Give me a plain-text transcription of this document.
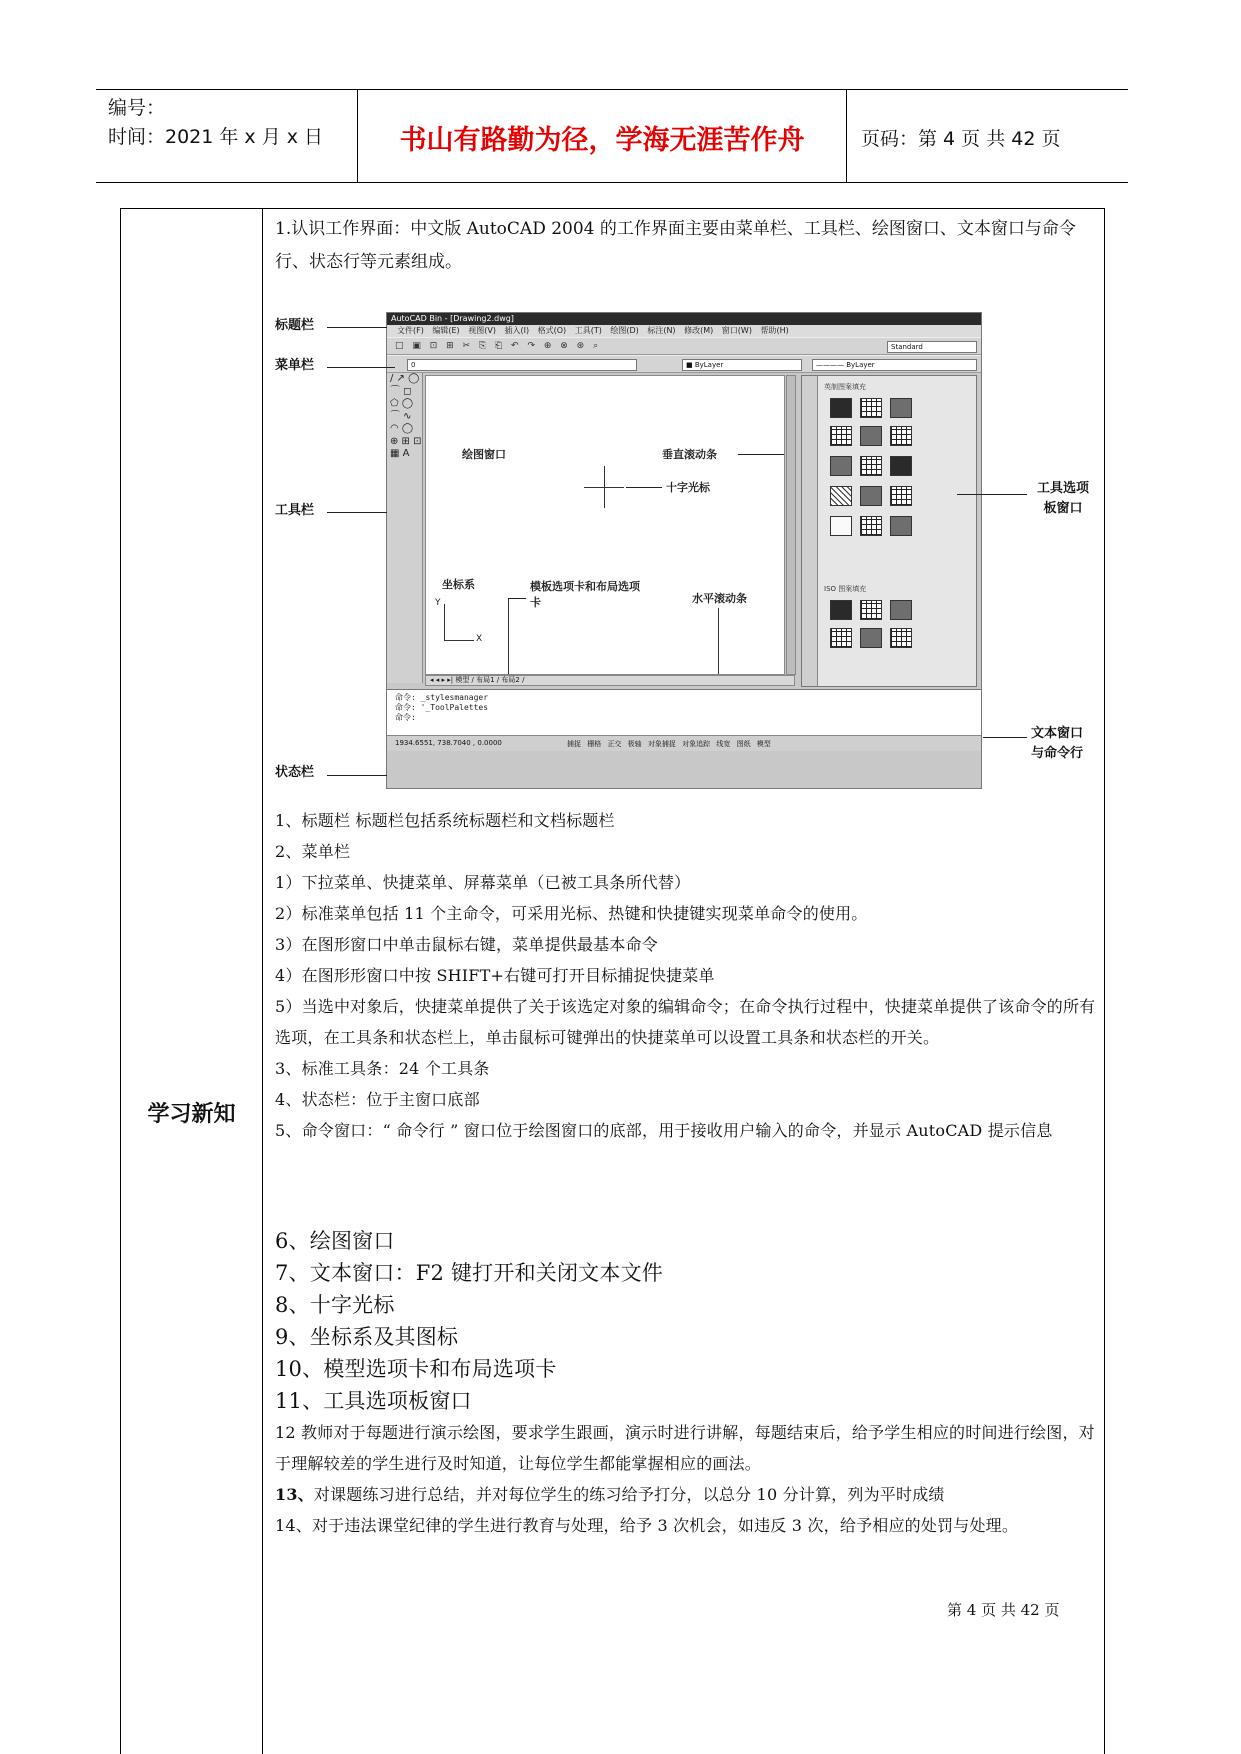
编号：
时间：2021 年 x 月 x 日	书山有路勤为径，学海无涯苦作舟	页码：第 4 页 共 42 页
学习新知
1.认识工作界面：中文版 AutoCAD 2004 的工作界面主要由菜单栏、工具栏、绘图窗口、文本窗口与命令行、状态行等元素组成。
AutoCAD Bin - [Drawing2.dwg]
文件(F) 编辑(E) 视图(V) 插入(I) 格式(O) 工具(T) 绘图(D) 标注(N) 修改(M) 窗口(W) 帮助(H)
□ ▣ ⊡ ⊞ ✂ ⎘ ⎗ ↶ ↷ ⊕ ⊗ ⊛ ⌕	Standard
0	■ ByLayer	———— ByLayer
/ ↗ ◯ ⌒ ◻ ⬠ ◯ ⌒ ∿ ◠ ◯ ⊕ ⊞ ⊡ ▦ A	绘图窗口	垂直滚动条
十字光标
坐标系
Y
X
模板选项卡和布局选项卡	水平滚动条
◂ ◂ ▸ ▸| 模型 / 布局1 / 布局2 /
英制图案填充
ISO 图案填充
命令: _stylesmanager
命令: '_ToolPalettes
命令:
1934.6551, 738.7040 , 0.0000	捕捉 栅格 正交 极轴 对象捕捉 对象追踪 线宽 图纸 模型
标题栏
菜单栏
工具栏
状态栏
工具选项板窗口
文本窗口与命令行
1、标题栏 标题栏包括系统标题栏和文档标题栏
2、菜单栏
1）下拉菜单、快捷菜单、屏幕菜单（已被工具条所代替）
2）标准菜单包括 11 个主命令，可采用光标、热键和快捷键实现菜单命令的使用。
3）在图形窗口中单击鼠标右键，菜单提供最基本命令
4）在图形形窗口中按 SHIFT+右键可打开目标捕捉快捷菜单
5）当选中对象后，快捷菜单提供了关于该选定对象的编辑命令；在命令执行过程中，快捷菜单提供了该命令的所有选项，在工具条和状态栏上，单击鼠标可键弹出的快捷菜单可以设置工具条和状态栏的开关。
3、标准工具条：24 个工具条
4、状态栏：位于主窗口底部
5、命令窗口：“ 命令行 ” 窗口位于绘图窗口的底部，用于接收用户输入的命令，并显示 AutoCAD 提示信息
6、绘图窗口
7、文本窗口：F2 键打开和关闭文本文件
8、十字光标
9、坐标系及其图标
10、模型选项卡和布局选项卡
11、工具选项板窗口
12 教师对于每题进行演示绘图，要求学生跟画，演示时进行讲解，每题结束后，给予学生相应的时间进行绘图，对于理解较差的学生进行及时知道，让每位学生都能掌握相应的画法。
13、对课题练习进行总结，并对每位学生的练习给予打分，以总分 10 分计算，列为平时成绩
14、对于违法课堂纪律的学生进行教育与处理，给予 3 次机会，如违反 3 次，给予相应的处罚与处理。
第 4 页 共 42 页
